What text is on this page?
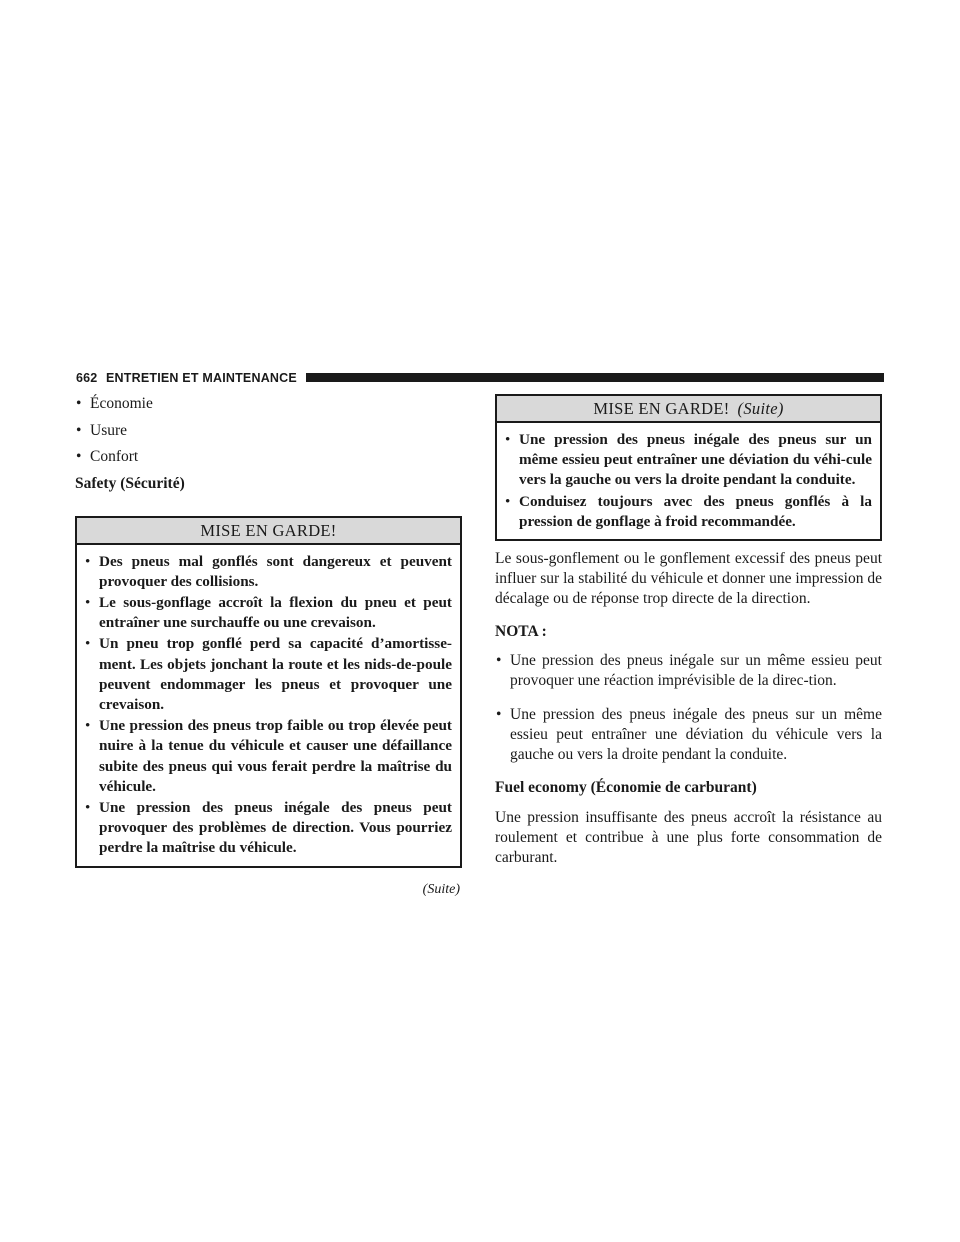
662 ENTRETIEN ET MAINTENANCE
• Économie
• Usure
• Confort
Safety (Sécurité)
MISE EN GARDE!
• Des pneus mal gonflés sont dangereux et peuvent provoquer des collisions.
• Le sous-gonflage accroît la flexion du pneu et peut entraîner une surchauffe ou une crevaison.
• Un pneu trop gonflé perd sa capacité d’amortisse-ment. Les objets jonchant la route et les nids-de-poule peuvent endommager les pneus et provoquer une crevaison.
• Une pression des pneus trop faible ou trop élevée peut nuire à la tenue du véhicule et causer une défaillance subite des pneus qui vous ferait perdre la maîtrise du véhicule.
• Une pression des pneus inégale des pneus peut provoquer des problèmes de direction. Vous pourriez perdre la maîtrise du véhicule.
(Suite)
MISE EN GARDE! (Suite)
• Une pression des pneus inégale des pneus sur un même essieu peut entraîner une déviation du véhi-cule vers la gauche ou vers la droite pendant la conduite.
• Conduisez toujours avec des pneus gonflés à la pression de gonflage à froid recommandée.

Le sous-gonflement ou le gonflement excessif des pneus peut influer sur la stabilité du véhicule et donner une impression de décalage ou de réponse trop directe de la direction.

NOTA :
• Une pression des pneus inégale sur un même essieu peut provoquer une réaction imprévisible de la direc-tion.
• Une pression des pneus inégale des pneus sur un même essieu peut entraîner une déviation du véhicule vers la gauche ou vers la droite pendant la conduite.
Fuel economy (Économie de carburant)

Une pression insuffisante des pneus accroît la résistance au roulement et contribue à une plus forte consommation de carburant.
